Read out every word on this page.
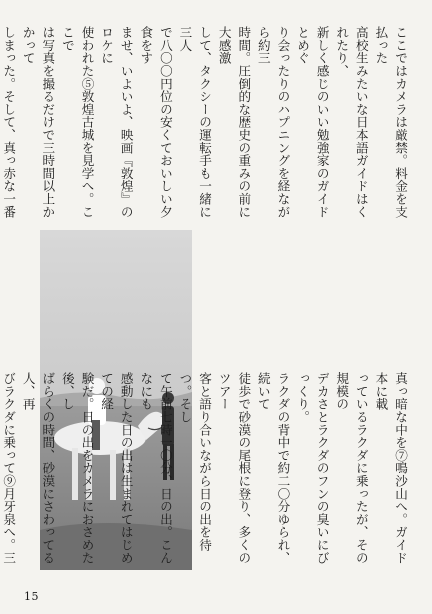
ここではカメラは厳禁。料金を支払った

高校生みたいな日本語ガイドはくれたり、

新しく感じのいい勉強家のガイドとめぐ

り会ったりのハプニングを経ながら約三

時間。圧倒的な歴史の重みの前に大感激

して、タクシーの運転手も一緒に三人

で八〇〇円位の安くておいしい夕食をす

ませ、いよいよ、映画『敦煌』のロケに

使われた⑤敦煌古城を見学へ。ここで

は写真を撮るだけで三時間以上かかって

しまった。そして、真っ赤な一番

真っ暗な中を⑦鳴沙山へ。ガイド本に載

っているラクダに乗ったが、その規模の

デカさとラクダのフンの臭いにびっくり。

ラクダの背中で約二〇分ゆられ、続いて

徒歩で砂漠の尾根に登り、多くのツアー

客と語り合いながら日の出を待つ。そし

て午前七時一〇分、日の出。こんなにも

感動した日の出は生まれてはじめての経

験だ。日の出をカメラにおさめた後、し

ばらくの時間、砂漠にさわってる人、再

びラクダに乗って⑨月牙泉へ。三

15
